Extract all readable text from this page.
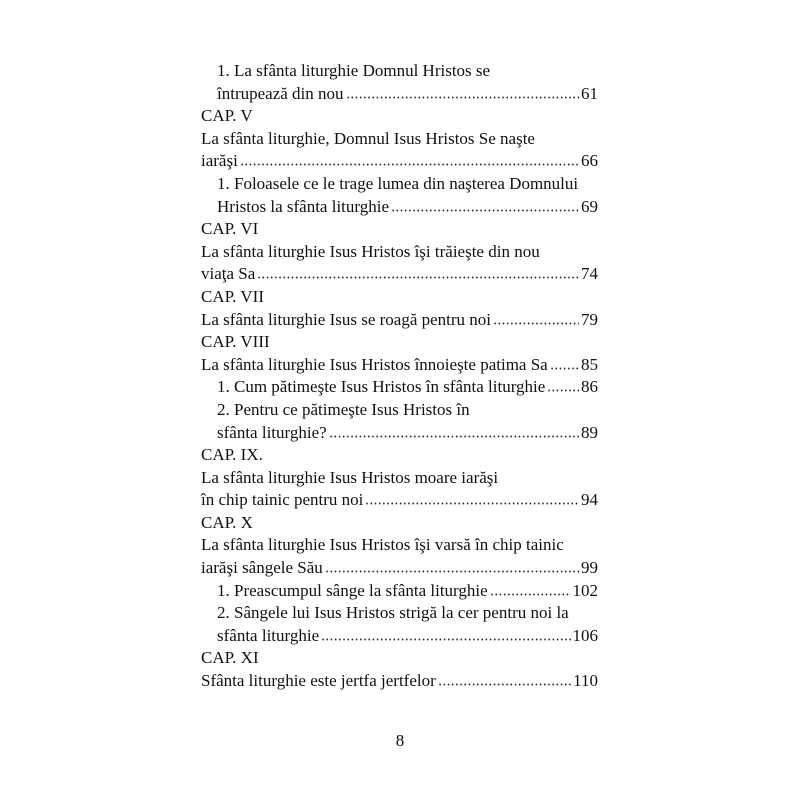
1. La sfânta liturghie Domnul Hristos se
întrupează din nou	61
CAP. V
La sfânta liturghie, Domnul Isus Hristos Se naşte
iarăşi	66
1. Foloasele ce le trage lumea din naşterea Domnului
Hristos la sfânta liturghie	69
CAP. VI
La sfânta liturghie Isus Hristos îşi trăieşte din nou
viaţa Sa	74
CAP. VII
La sfânta liturghie Isus se roagă pentru noi	79
CAP. VIII
La sfânta liturghie Isus Hristos înnoieşte patima Sa 85
1. Cum pătimeşte Isus Hristos în sfânta liturghie 86
2. Pentru ce pătimeşte Isus Hristos în
sfânta liturghie?	89
CAP. IX.
La sfânta liturghie Isus Hristos moare iarăşi
în chip tainic pentru noi	94
CAP. X
La sfânta liturghie Isus Hristos îşi varsă în chip tainic
iarăşi sângele Său	99
1. Preascumpul sânge la sfânta liturghie	102
2. Sângele lui Isus Hristos strigă la cer pentru noi la
sfânta liturghie	106
CAP. XI
Sfânta liturghie este jertfa jertfelor	110
8
